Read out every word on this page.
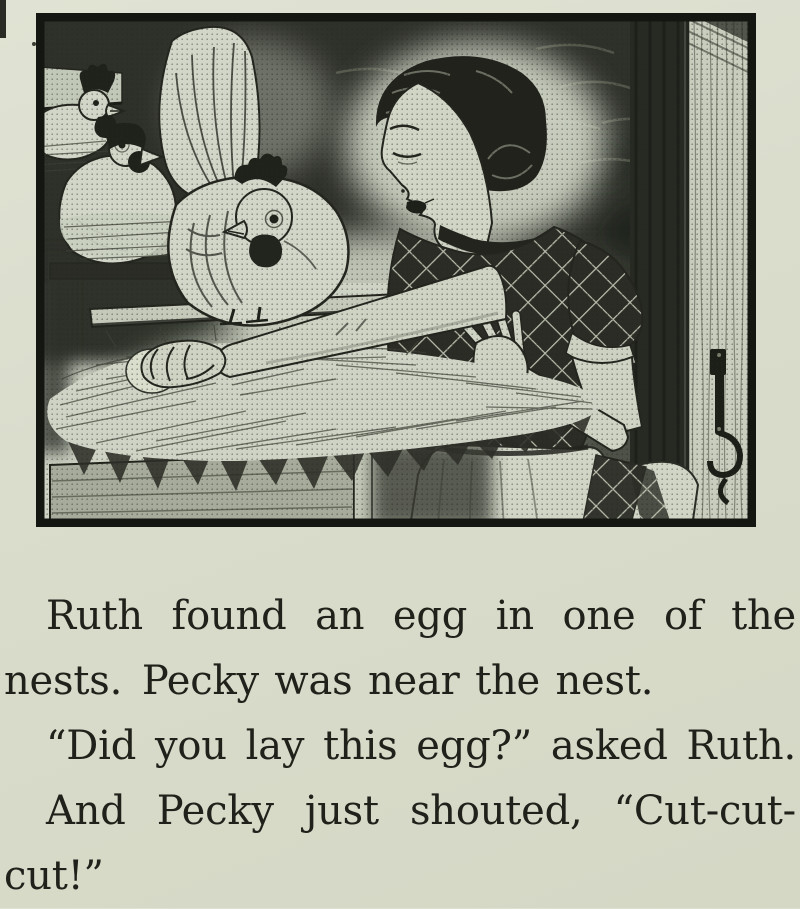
Ruth found an egg in one of the
nests. Pecky was near the nest.
“Did you lay this egg?” asked Ruth.
And Pecky just shouted, “Cut-cut-
cut!”
